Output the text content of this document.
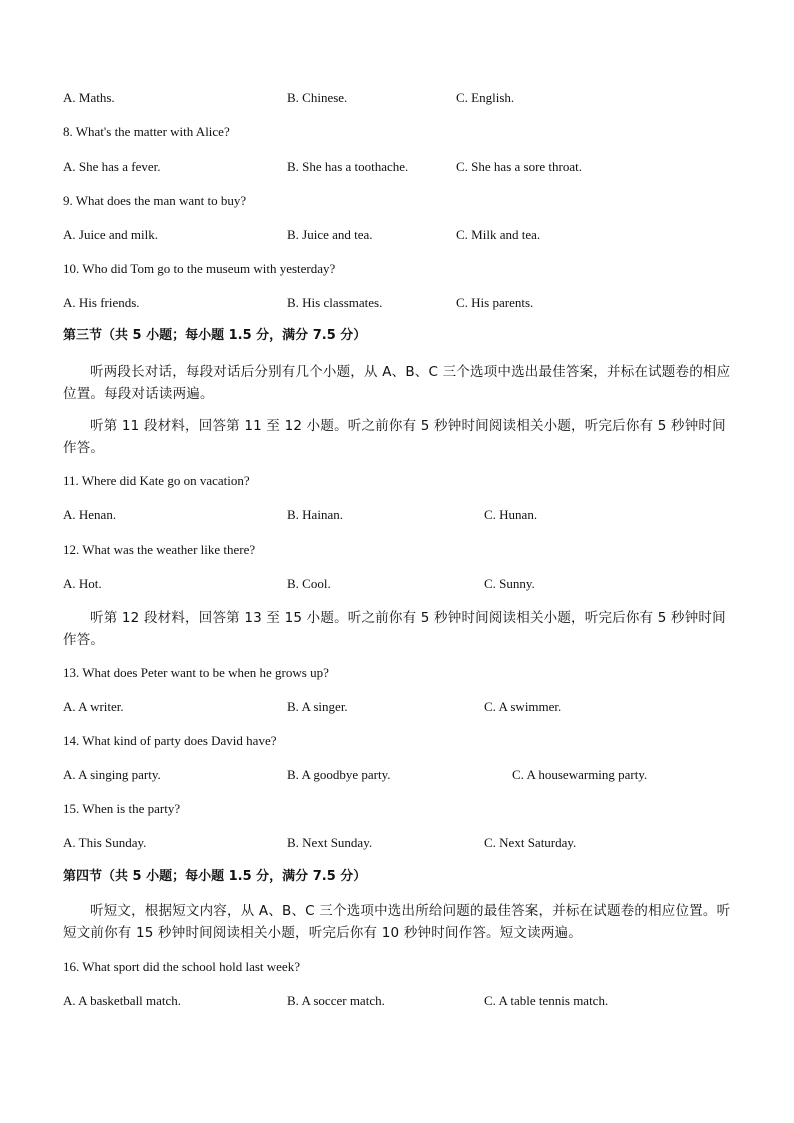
A. Maths.	B. Chinese.	C. English.
8. What's the matter with Alice?
A. She has a fever.	B. She has a toothache.	C. She has a sore throat.
9. What does the man want to buy?
A. Juice and milk.	B. Juice and tea.	C. Milk and tea.
10. Who did Tom go to the museum with yesterday?
A. His friends.	B. His classmates.	C. His parents.
第三节（共 5 小题；每小题 1.5 分，满分 7.5 分）
听两段长对话，每段对话后分别有几个小题，从 A、B、C 三个选项中选出最佳答案，并标在试题卷的相应位置。每段对话读两遍。
听第 11 段材料，回答第 11 至 12 小题。听之前你有 5 秒钟时间阅读相关小题，听完后你有 5 秒钟时间作答。
11. Where did Kate go on vacation?
A. Henan.	B. Hainan.	C. Hunan.
12. What was the weather like there?
A. Hot.	B. Cool.	C. Sunny.
听第 12 段材料，回答第 13 至 15 小题。听之前你有 5 秒钟时间阅读相关小题，听完后你有 5 秒钟时间作答。
13. What does Peter want to be when he grows up?
A. A writer.	B. A singer.	C. A swimmer.
14. What kind of party does David have?
A. A singing party.	B. A goodbye party.	C. A housewarming party.
15. When is the party?
A. This Sunday.	B. Next Sunday.	C. Next Saturday.
第四节（共 5 小题；每小题 1.5 分，满分 7.5 分）
听短文，根据短文内容，从 A、B、C 三个选项中选出所给问题的最佳答案，并标在试题卷的相应位置。听短文前你有 15 秒钟时间阅读相关小题，听完后你有 10 秒钟时间作答。短文读两遍。
16. What sport did the school hold last week?
A. A basketball match.	B. A soccer match.	C. A table tennis match.
